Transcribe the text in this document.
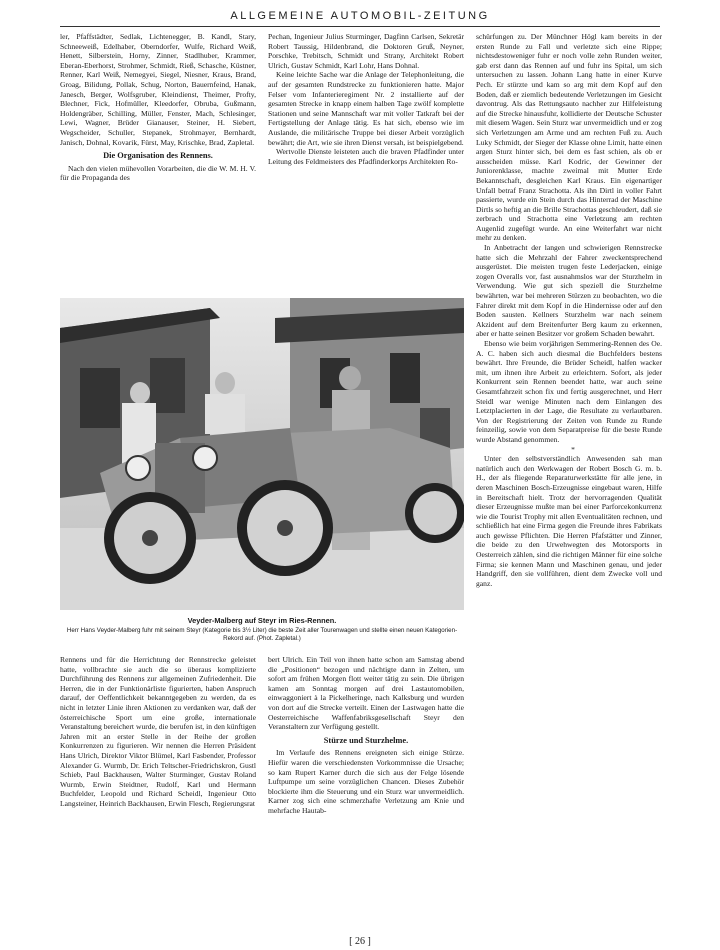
ALLGEMEINE AUTOMOBIL-ZEITUNG

ler, Pfaffstädter, Sedlak, Lichtenegger, B. Kandl, Stary, Schneeweiß, Edelhaber, Oberndorfer, Wulfe, Richard Weiß, Henett, Silberstein, Horny, Zinner, Stadlhuber, Krammer, Eberan-Eberhorst, Strohmer, Schmidt, Rieß, Schasche, Küstner, Renner, Karl Weiß, Nemegyei, Siegel, Niesner, Kraus, Brand, Groag, Bilidung, Pollak, Schug, Norton, Bauernfeind, Hanak, Janesch, Berger, Wolfsgruber, Kleindienst, Theimer, Profty, Blechner, Fick, Hofmüller, Kleedorfer, Obruba, Gußmann, Holdengräber, Schilling, Müller, Fenster, Mach, Schlesinger, Lewi, Wagner, Brüder Gianauser, Steiner, H. Siebert, Wegscheider, Schuller, Stepanek, Strohmayer, Bernhardt, Janisch, Dohnal, Kovarik, Fürst, May, Krischke, Brad, Zapletal.

Die Organisation des Rennens.

Nach den vielen mühevollen Vorarbeiten, die die W. M. H. V. für die Propaganda des

Pechan, Ingenieur Julius Sturminger, Dagfinn Carlsen, Sekretär Robert Taussig, Hildenbrand, die Doktoren Gruß, Neyner, Porschke, Trebitsch, Schmidt und Strany, Architekt Robert Ulrich, Gustav Schmidt, Karl Lohr, Hans Dohnal.

Keine leichte Sache war die Anlage der Telephonleitung, die auf der gesamten Rundstrecke zu funktionieren hatte. Major Felser vom Infanterieregiment Nr. 2 installierte auf der gesamten Strecke in knapp einem halben Tage zwölf komplette Stationen und seine Mannschaft war mit voller Tatkraft bei der Fertigstellung der Anlage tätig. Es hat sich, ebenso wie im Auslande, die militärische Truppe bei dieser Arbeit vorzüglich bewährt; die Art, wie sie ihren Dienst versah, ist beispielgebend.

Wertvolle Dienste leisteten auch die braven Pfadfinder unter Leitung des Feldmeisters des Pfadfinderkorps Architekten Ro-

schürfungen zu. Der Münchner Högl kam bereits in der ersten Runde zu Fall und verletzte sich eine Rippe; nichtsdestoweniger fuhr er noch volle zehn Runden weiter, gab erst dann das Rennen auf und fuhr ins Spital, um sich untersuchen zu lassen. Johann Lang hatte in einer Kurve Pech. Er stürzte und kam so arg mit dem Kopf auf den Boden, daß er ziemlich bedeutende Verletzungen im Gesicht davontrug. Als das Rettungsauto nachher zur Hilfeleistung auf die Strecke hinausfuhr, kollidierte der Deutsche Schuster mit diesem Wagen. Sein Sturz war unvermeidlich und er zog sich Verletzungen am Arme und am rechten Fuß zu. Auch Luky Schmidt, der Sieger der Klasse ohne Limit, hatte einen argen Sturz hinter sich, bei dem es fast schien, als ob er ausscheiden müsse. Karl Kodric, der Gewinner der Juniorenklasse, machte zweimal mit Mutter Erde Bekanntschaft, desgleichen Karl Kraus. Ein eigenartiger Unfall betraf Franz Strachotta. Als ihn Dirtl in voller Fahrt passierte, wurde ein Stein durch das Hinterrad der Maschine Dirtls so heftig an die Brille Strachottas geschleudert, daß sie zerbrach und Strachotta eine Verletzung am rechten Augenlid zugefügt wurde. An eine Weiterfahrt war nicht mehr zu denken.

In Anbetracht der langen und schwierigen Rennstrecke hatte sich die Mehrzahl der Fahrer zweckentsprechend ausgerüstet. Die meisten trugen feste Lederjacken, einige zogen Overalls vor, fast ausnahmslos war der Sturzhelm in Verwendung. Wie gut sich speziell die Sturzhelme bewährten, war bei mehreren Stürzen zu beobachten, wo die Fahrer direkt mit dem Kopf in die Hindernisse oder auf den Boden sausten. Kellners Sturzhelm war nach seinem Akzident auf dem Breitenfurter Berg kaum zu erkennen, aber er hatte seinen Besitzer vor großem Schaden bewahrt.

Ebenso wie beim vorjährigen Semmering-Rennen des Oe. A. C. haben sich auch diesmal die Buchfelders bestens bewährt. Ihre Freunde, die Brüder Scheidl, halfen wacker mit, um ihnen ihre Arbeit zu erleichtern. Sofort, als jeder Konkurrent sein Rennen beendet hatte, war auch seine Gesamtfahrzeit schon fix und fertig ausgerechnet, und Herr Steidl war wenige Minuten nach dem Einlangen des Letztplacierten in der Lage, die Resultate zu verlautbaren. Von der Registrierung der Zeiten von Runde zu Runde feinzeilig, sowie von dem Separatpreise für die beste Runde wurde Abstand genommen.

*

Unter den selbstverständlich Anwesenden sah man natürlich auch den Werkwagen der Robert Bosch G. m. b. H., der als fliegende Reparaturwerkstätte für alle jene, in deren Maschinen Bosch-Erzeugnisse eingebaut waren, Hilfe in Bereitschaft hielt. Trotz der hervorragenden Qualität dieser Erzeugnisse mußte man bei einer Parforcekonkurrenz wie die Tourist Trophy mit allen Eventualitäten rechnen, und schließlich hat eine Firma gegen die Freunde ihres Fabrikats auch gewisse Pflichten. Die Herren Pfafstätter und Zinner, die beide zu den Urwehwegten des Motorsports in Oesterreich zählen, sind die richtigen Männer für eine solche Firma; sie kennen Mann und Maschinen genau, und jeder Handgriff, den sie vollführen, dient dem Zwecke voll und ganz.

Veyder-Malberg auf Steyr im Ries-Rennen.
Herr Hans Veyder-Malberg fuhr mit seinem Steyr (Kategorie bis 3½ Liter) die beste Zeit aller Tourenwagen und stellte einen neuen Kategorien-Rekord auf. (Phot. Zapletal.)

Rennens und für die Herrichtung der Rennstrecke geleistet hatte, vollbrachte sie auch die so überaus komplizierte Durchführung des Rennens zur allgemeinen Zufriedenheit. Die Herren, die in der Funktionärliste figurierten, haben Anspruch darauf, der Oeffentlichkeit bekanntgegeben zu werden, da es nicht in letzter Linie ihren Aktionen zu verdanken war, daß der österreichische Sport um eine große, internationale Veranstaltung bereichert wurde, die berufen ist, in den künftigen Jahren mit an erster Stelle in der Reihe der großen Konkurrenzen zu figurieren. Wir nennen die Herren Präsident Hans Ulrich, Direktor Viktor Blümel, Karl Fasbender, Professor Alexander G. Wurmb, Dr. Erich Teltscher-Friedrichskron, Gustl Schieb, Paul Backhausen, Walter Sturminger, Gustav Roland Wurmb, Erwin Steidtner, Rudolf, Karl und Hermann Buchfelder, Leopold und Richard Scheidl, Ingenieur Otto Langsteiner, Heinrich Backhausen, Erwin Flesch, Regierungsrat

bert Ulrich. Ein Teil von ihnen hatte schon am Samstag abend die „Positionen“ bezogen und nächtigte dann in Zelten, um sofort am frühen Morgen flott weiter tätig zu sein. Die übrigen kamen am Sonntag morgen auf drei Lastautomobilen, einwaggoniert à la Pickelheringe, nach Kalksburg und wurden von dort auf die Strecke verteilt. Einen der Lastwagen hatte die Oesterreichische Waffenfabriksgesellschaft Steyr den Veranstaltern zur Verfügung gestellt.

Stürze und Sturzhelme.

Im Verlaufe des Rennens ereigneten sich einige Stürze. Hiefür waren die verschiedensten Vorkommnisse die Ursache; so kam Rupert Karner durch die sich aus der Felge lösende Luftpumpe um seine vorzüglichen Chancen. Dieses Zubehör blockierte ihm die Steuerung und ein Sturz war unvermeidlich. Karner zog sich eine schmerzhafte Verletzung am Knie und mehrfache Hautab-

[ 26 ]
